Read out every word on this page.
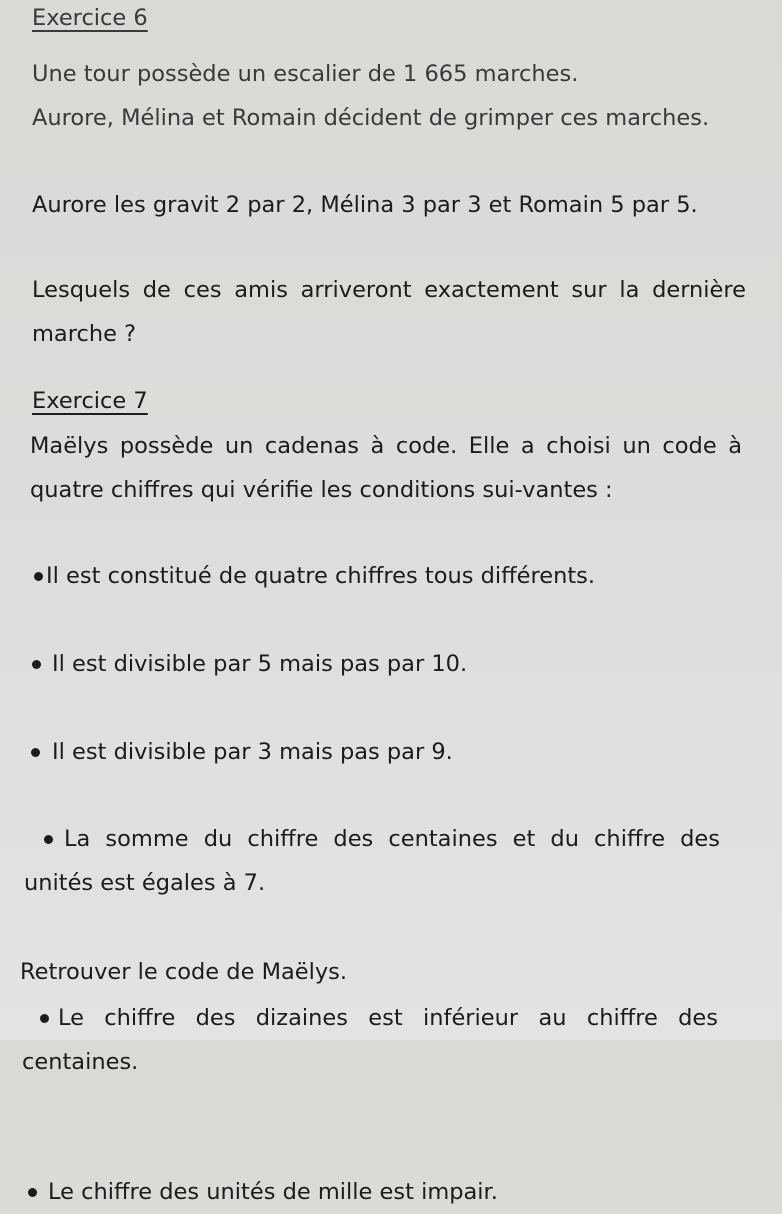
Exercice 6
Une tour possède un escalier de 1 665 marches.
Aurore, Mélina et Romain décident de grimper ces marches.
Aurore les gravit 2 par 2, Mélina 3 par 3 et Romain 5 par 5.
Lesquels de ces amis arriveront exactement sur la dernière marche ?
Exercice 7
Maëlys possède un cadenas à code. Elle a choisi un code à quatre chiffres qui vérifie les conditions sui-vantes :
Il est constitué de quatre chiffres tous différents.
Il est divisible par 5 mais pas par 10.
Il est divisible par 3 mais pas par 9.
La somme du chiffre des centaines et du chiffre des unités est égales à 7.
Le chiffre des dizaines est inférieur au chiffre des centaines.
Le chiffre des unités de mille est impair.
Retrouver le code de Maëlys.
